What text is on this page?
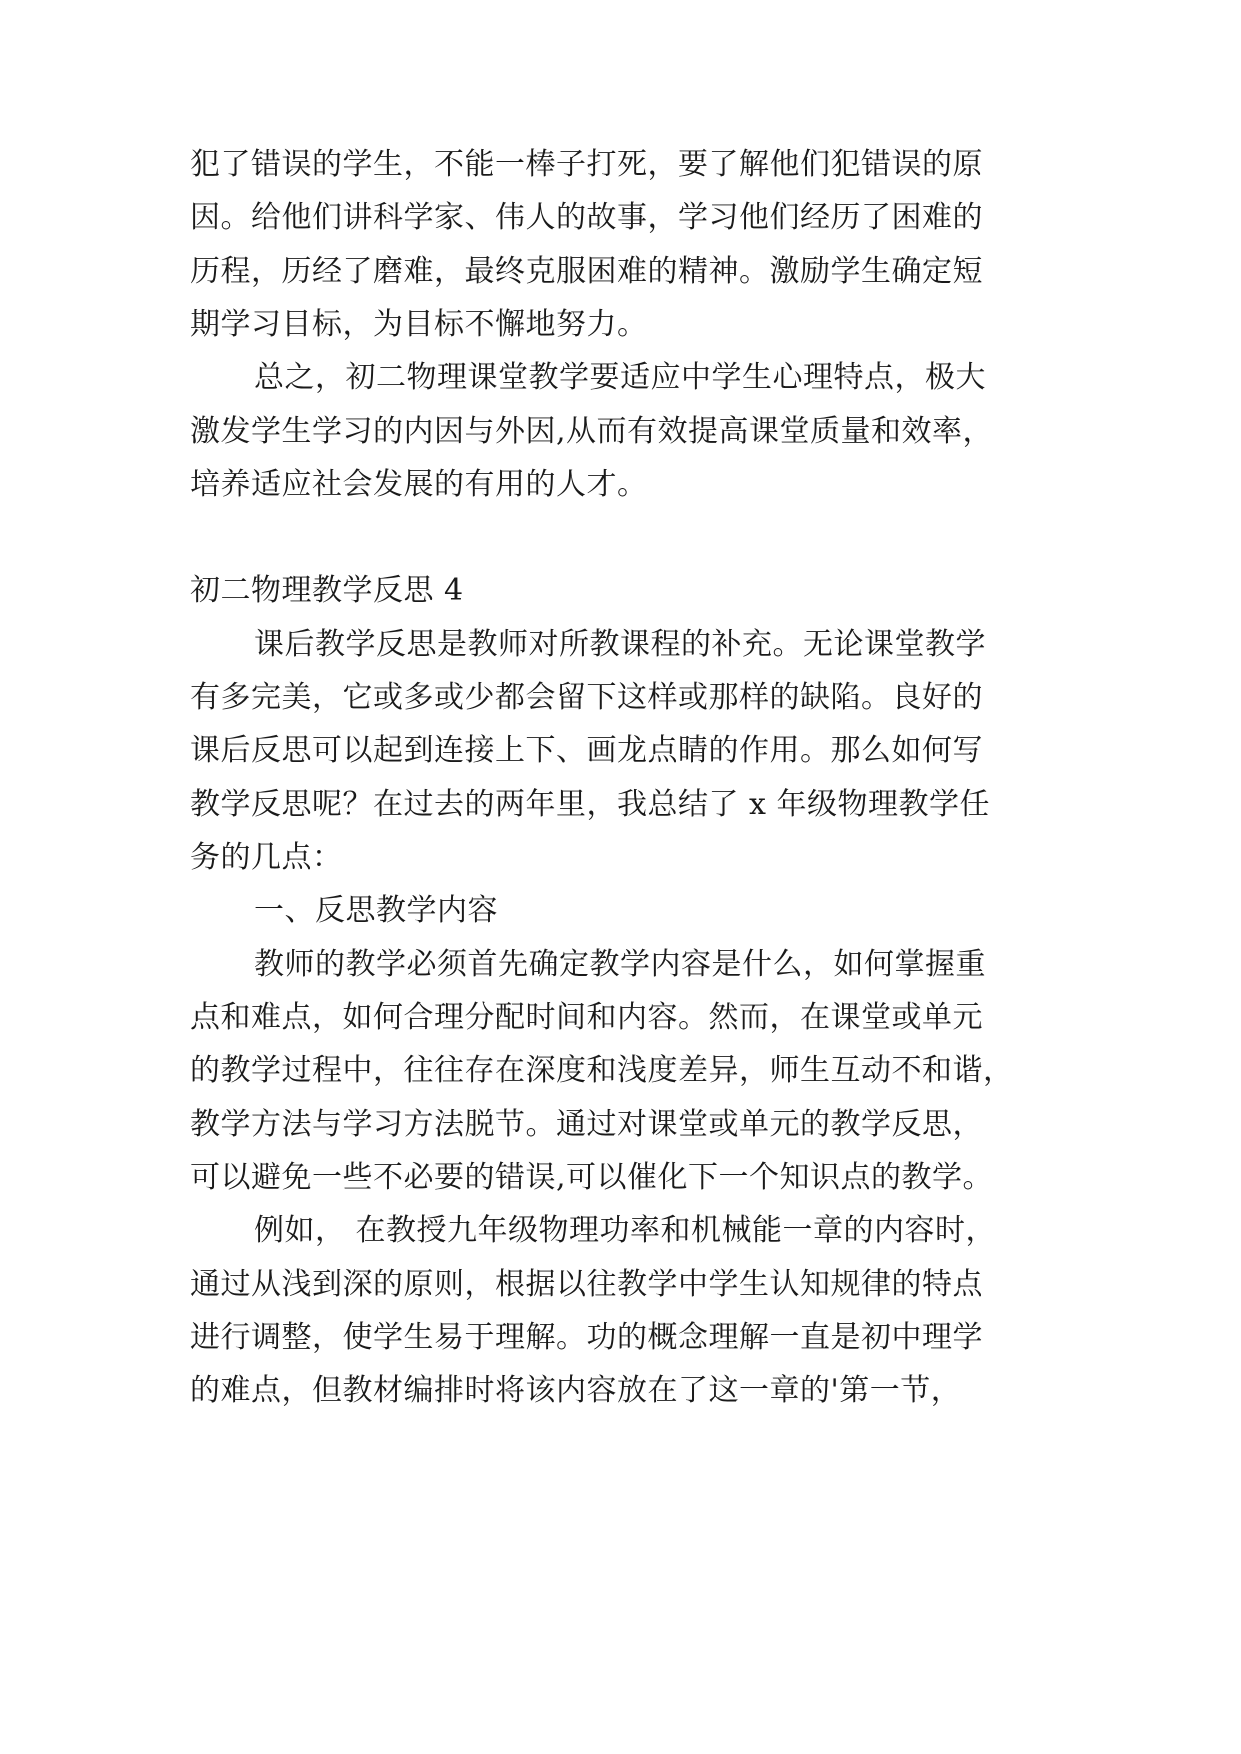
犯了错误的学生，不能一棒子打死，要了解他们犯错误的原
因。给他们讲科学家、伟人的故事，学习他们经历了困难的
历程，历经了磨难，最终克服困难的精神。激励学生确定短
期学习目标，为目标不懈地努力。
总之，初二物理课堂教学要适应中学生心理特点，极大
激发学生学习的内因与外因,从而有效提高课堂质量和效率，
培养适应社会发展的有用的人才。
初二物理教学反思 4
课后教学反思是教师对所教课程的补充。无论课堂教学
有多完美，它或多或少都会留下这样或那样的缺陷。良好的
课后反思可以起到连接上下、画龙点睛的作用。那么如何写
教学反思呢？在过去的两年里，我总结了 x 年级物理教学任
务的几点：
一、反思教学内容
教师的教学必须首先确定教学内容是什么，如何掌握重
点和难点，如何合理分配时间和内容。然而，在课堂或单元
的教学过程中，往往存在深度和浅度差异，师生互动不和谐，
教学方法与学习方法脱节。通过对课堂或单元的教学反思，
可以避免一些不必要的错误,可以催化下一个知识点的教学。
例如， 在教授九年级物理功率和机械能一章的内容时，
通过从浅到深的原则，根据以往教学中学生认知规律的特点
进行调整，使学生易于理解。功的概念理解一直是初中理学
的难点，但教材编排时将该内容放在了这一章的'第一节，
